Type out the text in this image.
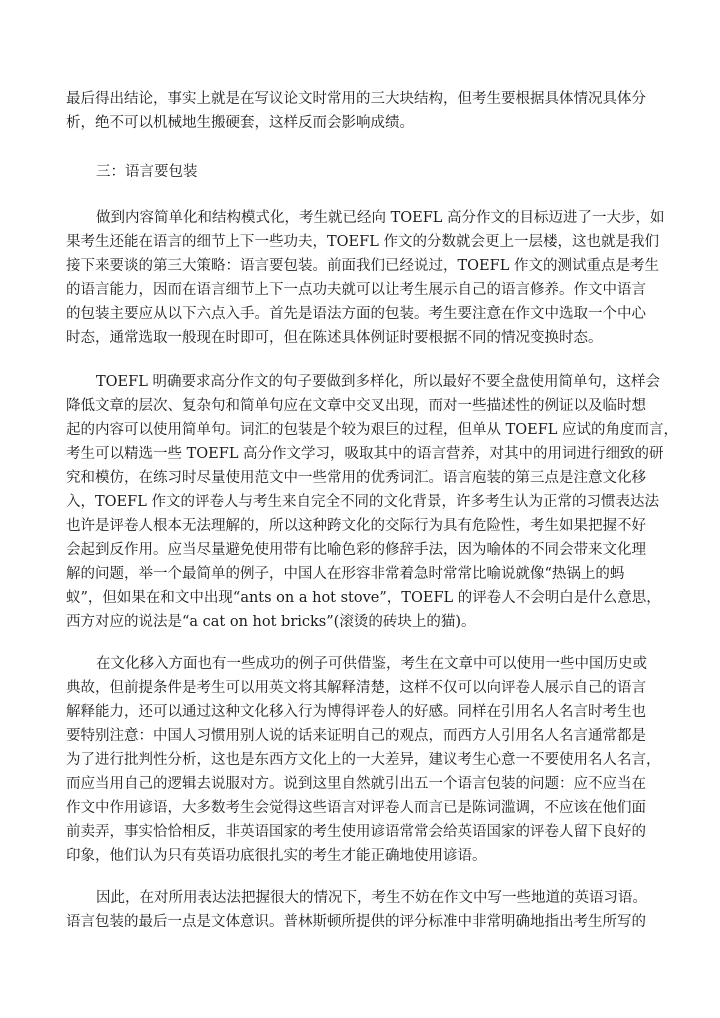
最后得出结论，事实上就是在写议论文时常用的三大块结构，但考生要根据具体情况具体分
析，绝不可以机械地生搬硬套，这样反而会影响成绩。
三：语言要包装
做到内容简单化和结构模式化，考生就已经向 TOEFL 高分作文的目标迈进了一大步，如
果考生还能在语言的细节上下一些功夫，TOEFL 作文的分数就会更上一层楼，这也就是我们
接下来要谈的第三大策略：语言要包装。前面我们已经说过，TOEFL 作文的测试重点是考生
的语言能力，因而在语言细节上下一点功夫就可以让考生展示自己的语言修养。作文中语言
的包装主要应从以下六点入手。首先是语法方面的包装。考生要注意在作文中选取一个中心
时态，通常选取一般现在时即可，但在陈述具体例证时要根据不同的情况变换时态。
TOEFL 明确要求高分作文的句子要做到多样化，所以最好不要全盘使用简单句，这样会
降低文章的层次、复杂句和简单句应在文章中交叉出现，而对一些描述性的例证以及临时想
起的内容可以使用简单句。词汇的包装是个较为艰巨的过程，但单从 TOEFL 应试的角度而言，
考生可以精选一些 TOEFL 高分作文学习，吸取其中的语言营养，对其中的用词进行细致的研
究和模仿，在练习时尽量使用范文中一些常用的优秀词汇。语言庖装的第三点是注意文化移
入，TOEFL 作文的评卷人与考生来自完全不同的文化背景，许多考生认为正常的习惯表达法
也许是评卷人根本无法理解的，所以这种跨文化的交际行为具有危险性，考生如果把握不好
会起到反作用。应当尽量避免使用带有比喻色彩的修辞手法，因为喻体的不同会带来文化理
解的问题，举一个最简单的例子，中国人在形容非常着急时常常比喻说就像“热锅上的蚂
蚁”，但如果在和文中出现“ants on a hot stove”，TOEFL 的评卷人不会明白是什么意思，
西方对应的说法是“a cat on hot bricks”(滚烫的砖块上的猫)。
在文化移入方面也有一些成功的例子可供借鉴，考生在文章中可以使用一些中国历史或
典故，但前提条件是考生可以用英文将其解释清楚，这样不仅可以向评卷人展示自己的语言
解释能力，还可以通过这种文化移入行为博得评卷人的好感。同样在引用名人名言时考生也
要特别注意：中国人习惯用别人说的话来证明自己的观点，而西方人引用名人名言通常都是
为了进行批判性分析，这也是东西方文化上的一大差异，建议考生心意一不要使用名人名言，
而应当用自己的逻辑去说服对方。说到这里自然就引出五一个语言包装的问题：应不应当在
作文中作用谚语，大多数考生会觉得这些语言对评卷人而言已是陈词滥调，不应该在他们面
前卖弄，事实恰恰相反，非英语国家的考生使用谚语常常会给英语国家的评卷人留下良好的
印象，他们认为只有英语功底很扎实的考生才能正确地使用谚语。
因此，在对所用表达法把握很大的情况下，考生不妨在作文中写一些地道的英语习语。
语言包装的最后一点是文体意识。普林斯顿所提供的评分标准中非常明确地指出考生所写的
